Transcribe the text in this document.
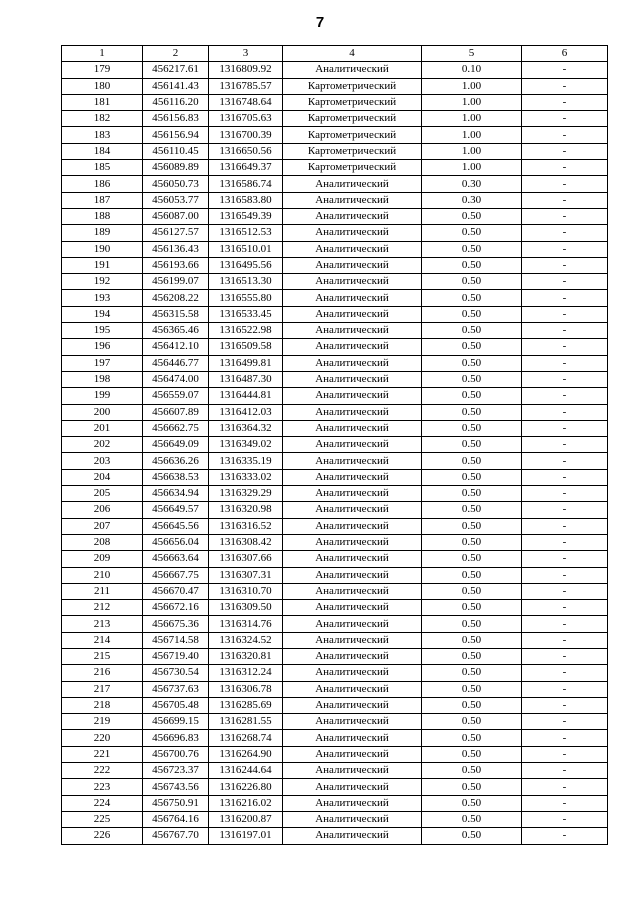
7
1	2	3	4	5	6
179	456217.61	1316809.92	Аналитический	0.10	-
180	456141.43	1316785.57	Картометрический	1.00	-
181	456116.20	1316748.64	Картометрический	1.00	-
182	456156.83	1316705.63	Картометрический	1.00	-
183	456156.94	1316700.39	Картометрический	1.00	-
184	456110.45	1316650.56	Картометрический	1.00	-
185	456089.89	1316649.37	Картометрический	1.00	-
186	456050.73	1316586.74	Аналитический	0.30	-
187	456053.77	1316583.80	Аналитический	0.30	-
188	456087.00	1316549.39	Аналитический	0.50	-
189	456127.57	1316512.53	Аналитический	0.50	-
190	456136.43	1316510.01	Аналитический	0.50	-
191	456193.66	1316495.56	Аналитический	0.50	-
192	456199.07	1316513.30	Аналитический	0.50	-
193	456208.22	1316555.80	Аналитический	0.50	-
194	456315.58	1316533.45	Аналитический	0.50	-
195	456365.46	1316522.98	Аналитический	0.50	-
196	456412.10	1316509.58	Аналитический	0.50	-
197	456446.77	1316499.81	Аналитический	0.50	-
198	456474.00	1316487.30	Аналитический	0.50	-
199	456559.07	1316444.81	Аналитический	0.50	-
200	456607.89	1316412.03	Аналитический	0.50	-
201	456662.75	1316364.32	Аналитический	0.50	-
202	456649.09	1316349.02	Аналитический	0.50	-
203	456636.26	1316335.19	Аналитический	0.50	-
204	456638.53	1316333.02	Аналитический	0.50	-
205	456634.94	1316329.29	Аналитический	0.50	-
206	456649.57	1316320.98	Аналитический	0.50	-
207	456645.56	1316316.52	Аналитический	0.50	-
208	456656.04	1316308.42	Аналитический	0.50	-
209	456663.64	1316307.66	Аналитический	0.50	-
210	456667.75	1316307.31	Аналитический	0.50	-
211	456670.47	1316310.70	Аналитический	0.50	-
212	456672.16	1316309.50	Аналитический	0.50	-
213	456675.36	1316314.76	Аналитический	0.50	-
214	456714.58	1316324.52	Аналитический	0.50	-
215	456719.40	1316320.81	Аналитический	0.50	-
216	456730.54	1316312.24	Аналитический	0.50	-
217	456737.63	1316306.78	Аналитический	0.50	-
218	456705.48	1316285.69	Аналитический	0.50	-
219	456699.15	1316281.55	Аналитический	0.50	-
220	456696.83	1316268.74	Аналитический	0.50	-
221	456700.76	1316264.90	Аналитический	0.50	-
222	456723.37	1316244.64	Аналитический	0.50	-
223	456743.56	1316226.80	Аналитический	0.50	-
224	456750.91	1316216.02	Аналитический	0.50	-
225	456764.16	1316200.87	Аналитический	0.50	-
226	456767.70	1316197.01	Аналитический	0.50	-
